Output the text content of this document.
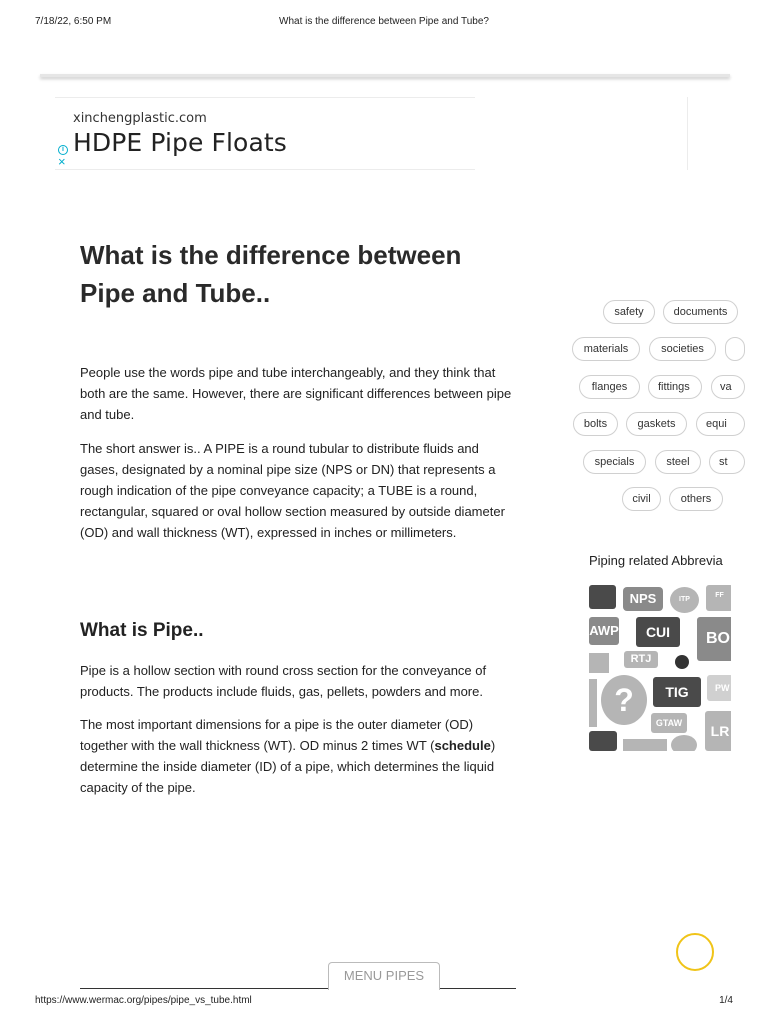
7/18/22, 6:50 PM	What is the difference between Pipe and Tube?
xinchengplastic.com
HDPE Pipe Floats
i
×
What is the difference between Pipe and Tube..

People use the words pipe and tube interchangeably, and they think that both are the same. However, there are significant differences between pipe and tube.

The short answer is.. A PIPE is a round tubular to distribute fluids and gases, designated by a nominal pipe size (NPS or DN) that represents a rough indication of the pipe conveyance capacity; a TUBE is a round, rectangular, squared or oval hollow section measured by outside diameter (OD) and wall thickness (WT), expressed in inches or millimeters.

What is Pipe..

Pipe is a hollow section with round cross section for the conveyance of products. The products include fluids, gas, pellets, powders and more.

The most important dimensions for a pipe is the outer diameter (OD) together with the wall thickness (WT). OD minus 2 times WT (schedule) determine the inside diameter (ID) of a pipe, which determines the liquid capacity of the pipe.

safety	documents
materials	societies
flanges	fittings	va
bolts	gaskets	equi
specials	steel	st
civil	others
Piping related Abbrevia
NPS	ITP
FF
AWP	CUI	BO
RTJ
?	TIG	PW
GTAW	LR
MENU PIPES
https://www.wermac.org/pipes/pipe_vs_tube.html	1/4
